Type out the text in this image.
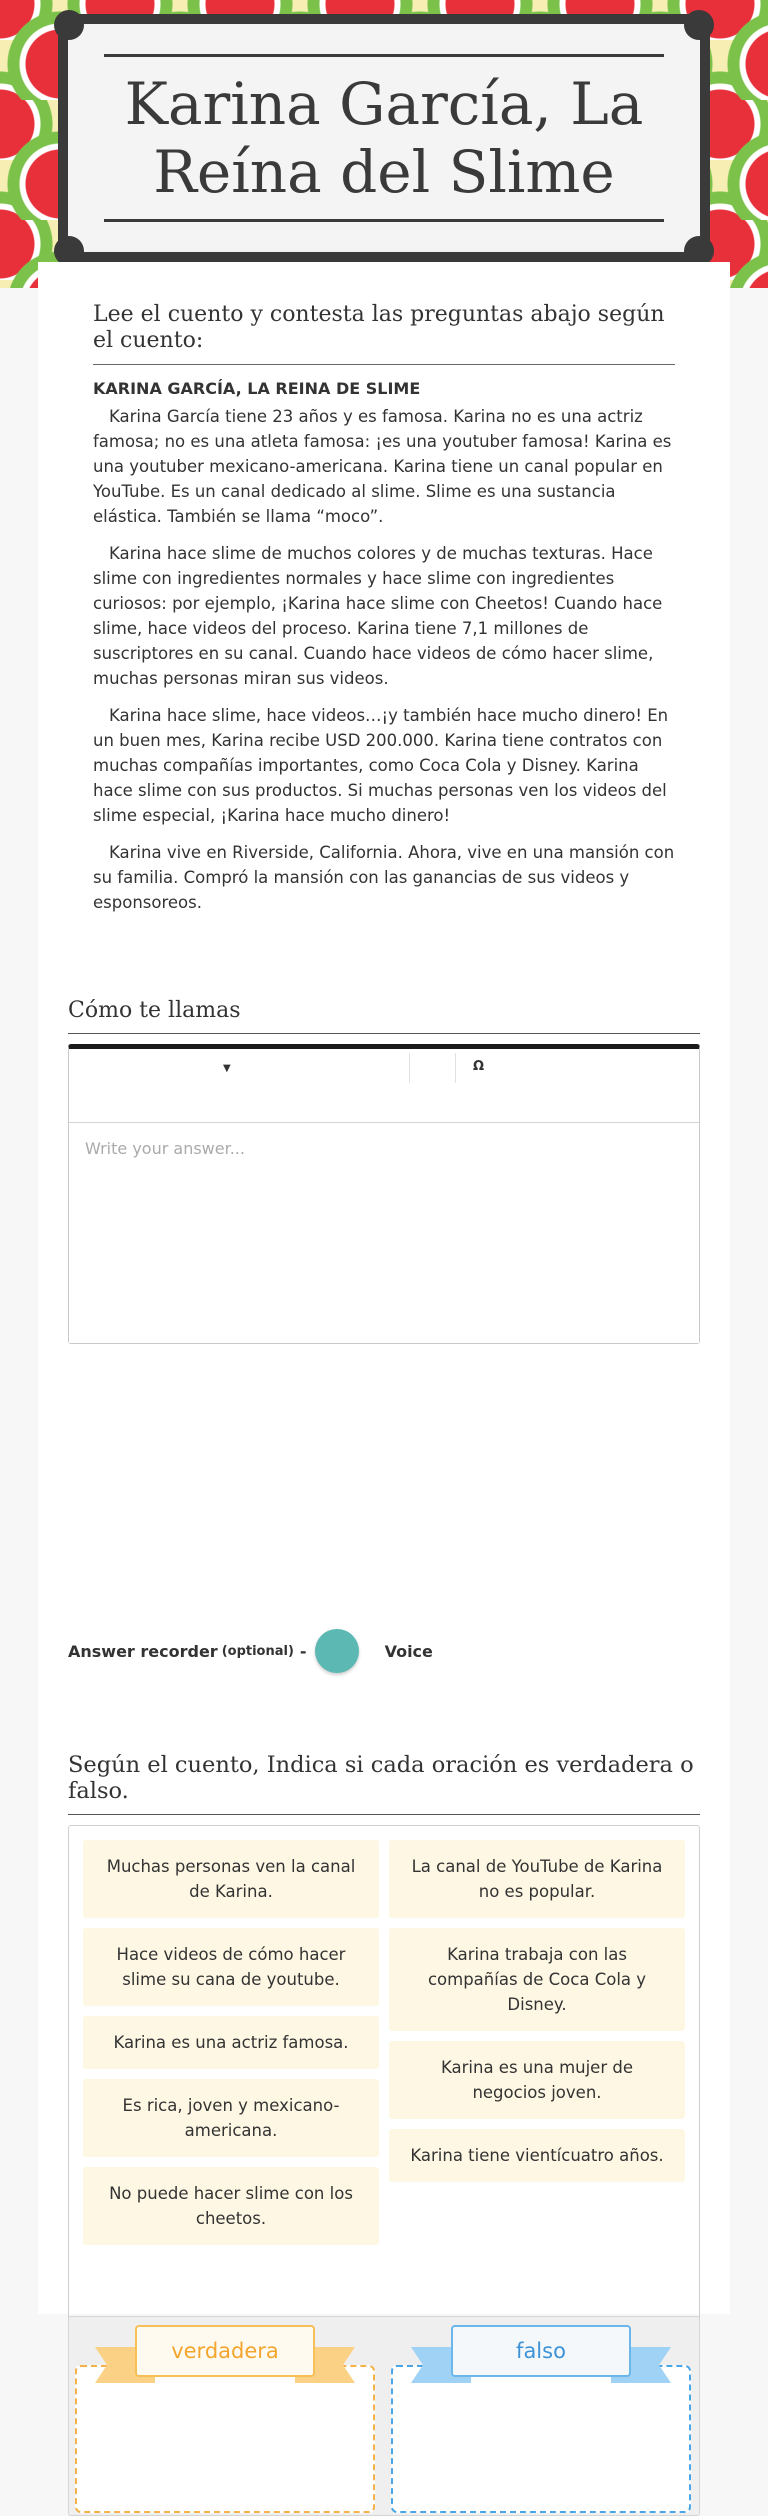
Karina García, La Reína del Slime
Lee el cuento y contesta las preguntas abajo según el cuento:
KARINA GARCÍA, LA REINA DE SLIME

Karina García tiene 23 años y es famosa. Karina no es una actriz famosa; no es una atleta famosa: ¡es una youtuber famosa! Karina es una youtuber mexicano-americana. Karina tiene un canal popular en YouTube. Es un canal dedicado al slime. Slime es una sustancia elástica. También se llama “moco”.

Karina hace slime de muchos colores y de muchas texturas. Hace slime con ingredientes normales y hace slime con ingredientes curiosos: por ejemplo, ¡Karina hace slime con Cheetos! Cuando hace slime, hace videos del proceso. Karina tiene 7,1 millones de suscriptores en su canal. Cuando hace videos de cómo hacer slime, muchas personas miran sus videos.

Karina hace slime, hace videos…¡y también hace mucho dinero! En un buen mes, Karina recibe USD 200.000. Karina tiene contratos con muchas compañías importantes, como Coca Cola y Disney. Karina hace slime con sus productos. Si muchas personas ven los videos del slime especial, ¡Karina hace mucho dinero!

Karina vive en Riverside, California. Ahora, vive en una mansión con su familia. Compró la mansión con las ganancias de sus videos y esponsoreos.

Cómo te llamas
▼	Ω
Write your answer...
Answer recorder (optional) -	Voice
Según el cuento, Indica si cada oración es verdadera o falso.
Muchas personas ven la canal de Karina.
Hace videos de cómo hacer slime su cana de youtube.
Karina es una actriz famosa.
Es rica, joven y mexicano-americana.
No puede hacer slime con los cheetos.
La canal de YouTube de Karina no es popular.
Karina trabaja con las compañías de Coca Cola y Disney.
Karina es una mujer de negocios joven.
Karina tiene vientícuatro años.
verdadera	falso
